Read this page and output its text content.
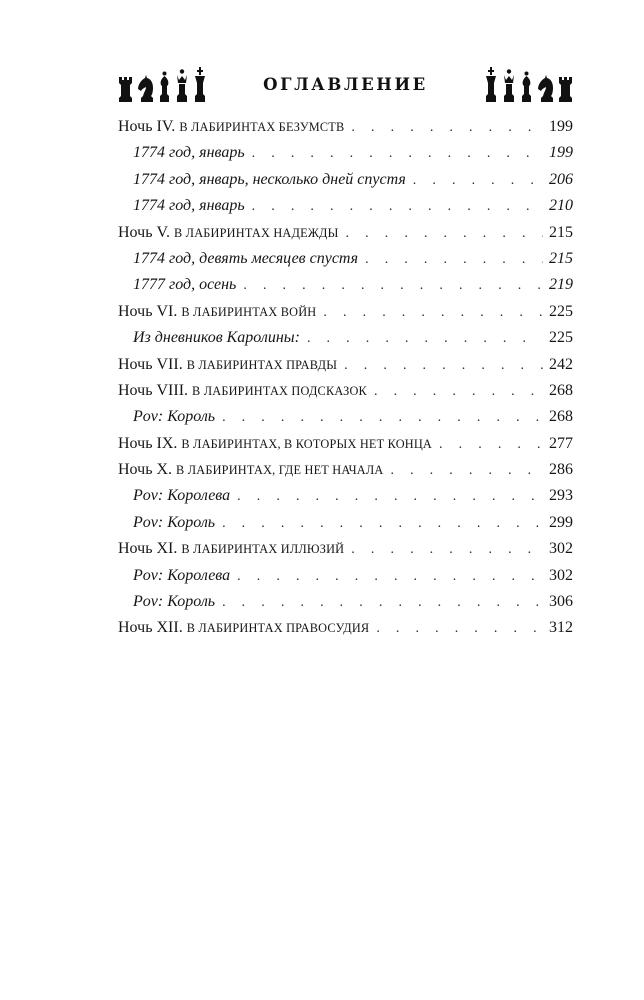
ОГЛАВЛЕНИЕ
Ночь IV. В ЛАБИРИНТАХ БЕЗУМСТВ . . .	199
1774 год, январь . . .	199
1774 год, январь, несколько дней спустя . . .	206
1774 год, январь . . .	210
Ночь V. В ЛАБИРИНТАХ НАДЕЖДЫ . . .	215
1774 год, девять месяцев спустя . . .	215
1777 год, осень . . .	219
Ночь VI. В ЛАБИРИНТАХ ВОЙН . . .	225
Из дневников Каролины: . . .	225
Ночь VII. В ЛАБИРИНТАХ ПРАВДЫ . . .	242
Ночь VIII. В ЛАБИРИНТАХ ПОДСКАЗОК . . .	268
Pov: Король . . .	268
Ночь IX. В ЛАБИРИНТАХ, В КОТОРЫХ НЕТ КОНЦА . . .	277
Ночь X. В ЛАБИРИНТАХ, ГДЕ НЕТ НАЧАЛА . . .	286
Pov: Королева . . .	293
Pov: Король . . .	299
Ночь XI. В ЛАБИРИНТАХ ИЛЛЮЗИЙ . . .	302
Pov: Королева . . .	302
Pov: Король . . .	306
Ночь XII. В ЛАБИРИНТАХ ПРАВОСУДИЯ . . .	312
